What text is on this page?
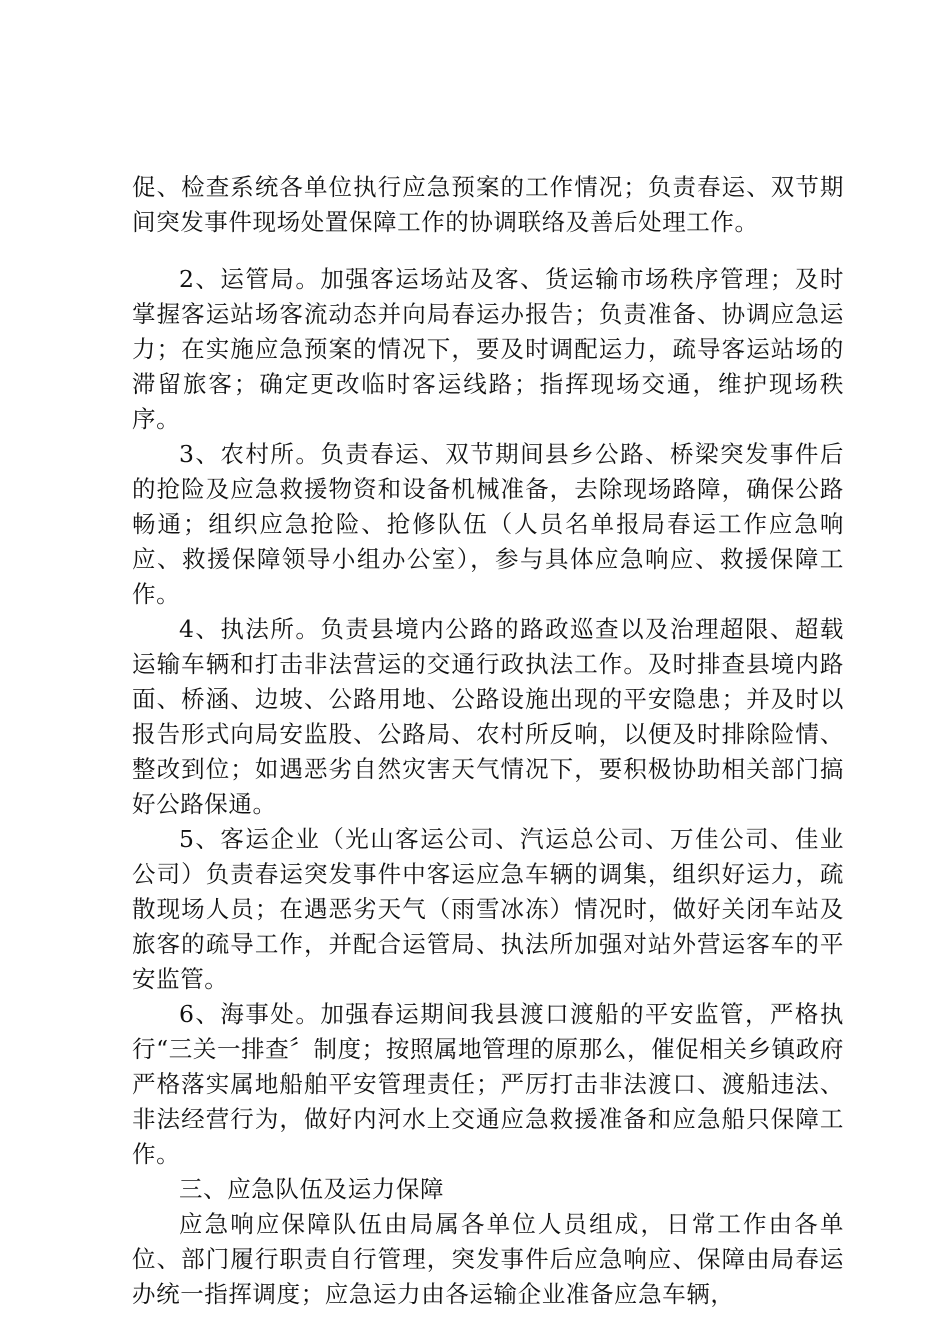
促、检查系统各单位执行应急预案的工作情况；负责春运、双节期间突发事件现场处置保障工作的协调联络及善后处理工作。

2、运管局。加强客运场站及客、货运输市场秩序管理；及时掌握客运站场客流动态并向局春运办报告；负责准备、协调应急运力；在实施应急预案的情况下，要及时调配运力，疏导客运站场的滞留旅客；确定更改临时客运线路；指挥现场交通，维护现场秩序。

3、农村所。负责春运、双节期间县乡公路、桥梁突发事件后的抢险及应急救援物资和设备机械准备，去除现场路障，确保公路畅通；组织应急抢险、抢修队伍（人员名单报局春运工作应急响应、救援保障领导小组办公室），参与具体应急响应、救援保障工作。

4、执法所。负责县境内公路的路政巡查以及治理超限、超载运输车辆和打击非法营运的交通行政执法工作。及时排查县境内路面、桥涵、边坡、公路用地、公路设施出现的平安隐患；并及时以报告形式向局安监股、公路局、农村所反响，以便及时排除险情、整改到位；如遇恶劣自然灾害天气情况下，要积极协助相关部门搞好公路保通。

5、客运企业（光山客运公司、汽运总公司、万佳公司、佳业公司）负责春运突发事件中客运应急车辆的调集，组织好运力，疏散现场人员；在遇恶劣天气（雨雪冰冻）情况时，做好关闭车站及旅客的疏导工作，并配合运管局、执法所加强对站外营运客车的平安监管。

6、海事处。加强春运期间我县渡口渡船的平安监管，严格执行“三关一排查〞制度；按照属地管理的原那么，催促相关乡镇政府严格落实属地船舶平安管理责任；严厉打击非法渡口、渡船违法、非法经营行为，做好内河水上交通应急救援准备和应急船只保障工作。

三、应急队伍及运力保障

应急响应保障队伍由局属各单位人员组成，日常工作由各单位、部门履行职责自行管理，突发事件后应急响应、保障由局春运办统一指挥调度；应急运力由各运输企业准备应急车辆，
